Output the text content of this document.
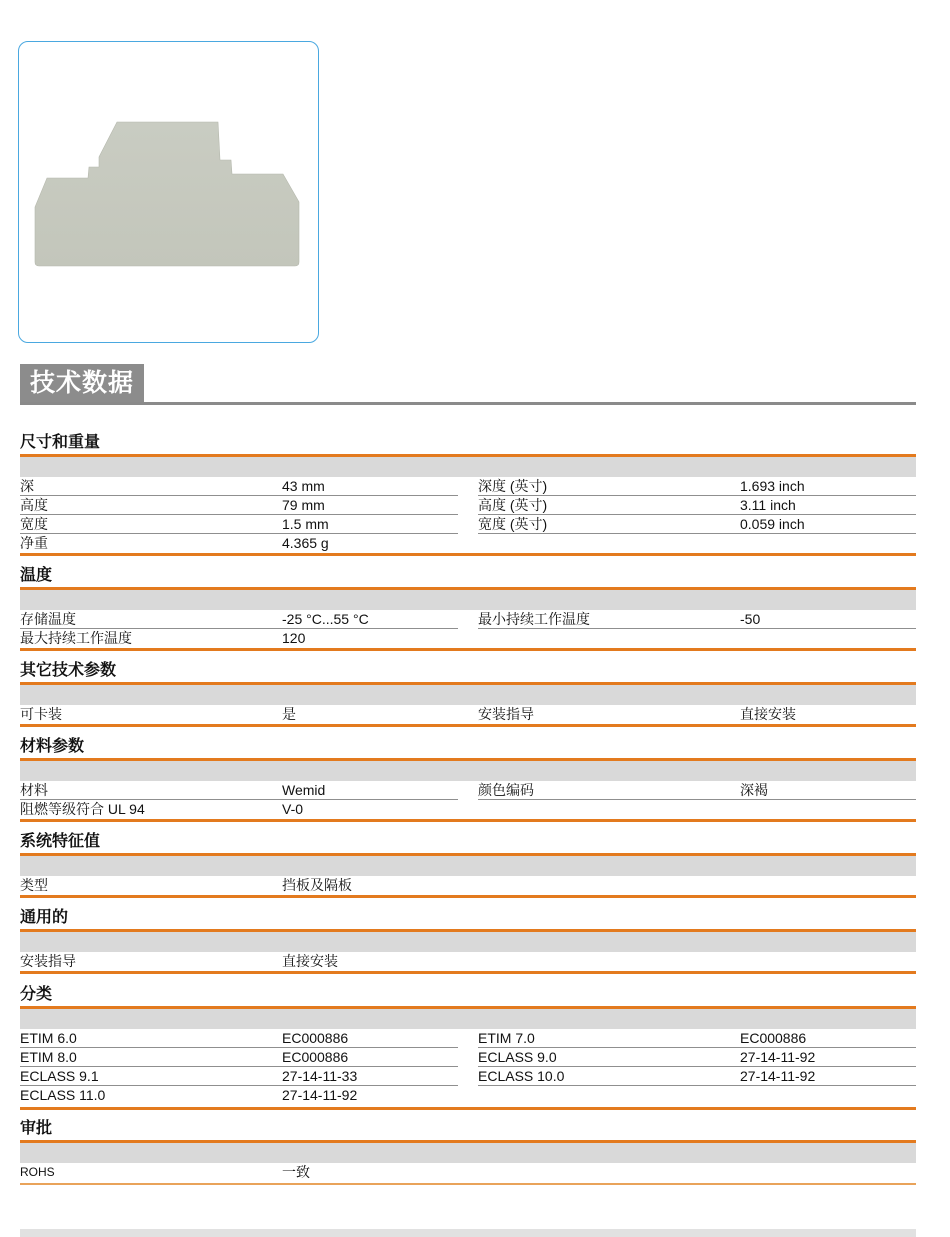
技术数据
尺寸和重量
深	43 mm	深度 (英寸)	1.693 inch
高度	79 mm	高度 (英寸)	3.11 inch
宽度	1.5 mm	宽度 (英寸)	0.059 inch
净重	4.365 g
温度
存储温度	-25 °C...55 °C	最小持续工作温度	-50
最大持续工作温度	120
其它技术参数
可卡装	是	安装指导	直接安装
材料参数
材料	Wemid	颜色编码	深褐
阻燃等级符合 UL 94	V-0
系统特征值
类型	挡板及隔板
通用的
安装指导	直接安装
分类
ETIM 6.0	EC000886	ETIM 7.0	EC000886
ETIM 8.0	EC000886	ECLASS 9.0	27-14-11-92
ECLASS 9.1	27-14-11-33	ECLASS 10.0	27-14-11-92
ECLASS 11.0	27-14-11-92
审批
ROHS	一致
